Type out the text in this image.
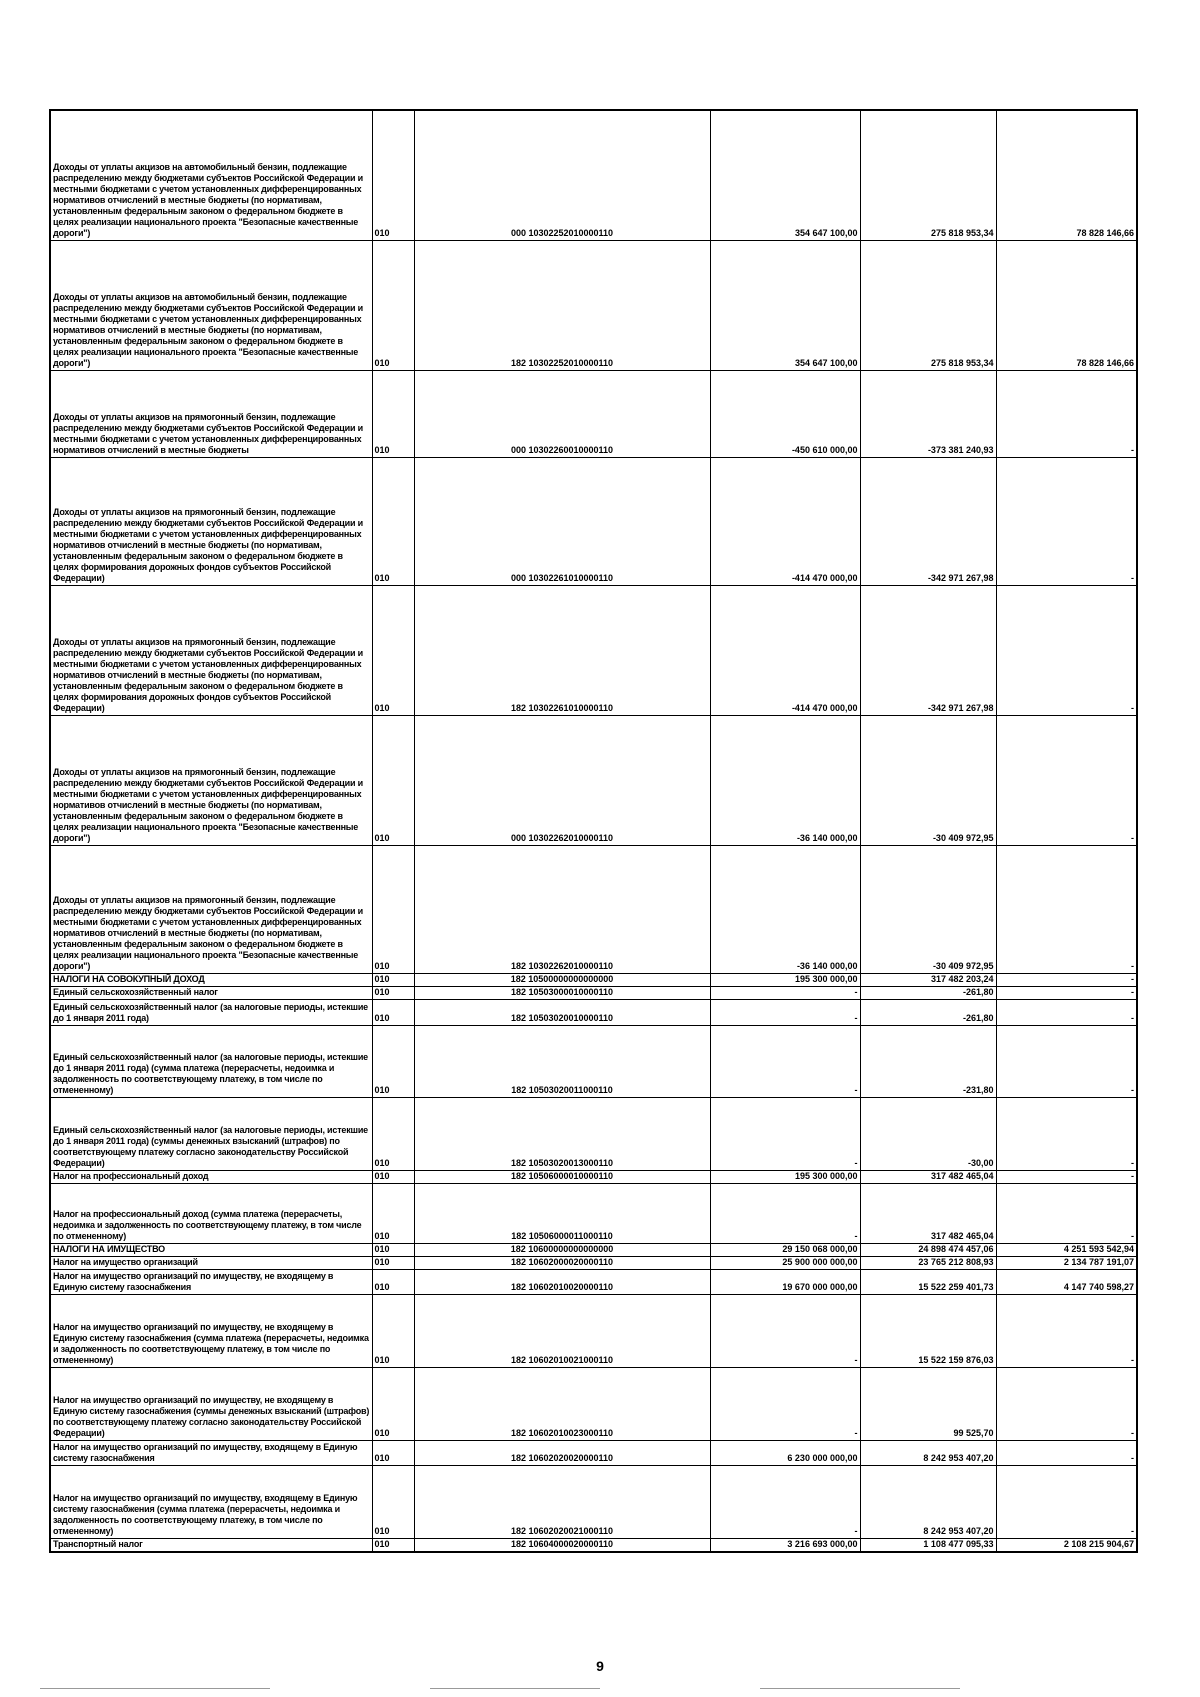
Доходы от уплаты акцизов на автомобильный бензин, подлежащие распределению между бюджетами субъектов Российской Федерации и местными бюджетами с учетом установленных дифференцированных нормативов отчислений в местные бюджеты (по нормативам, установленным федеральным законом о федеральном бюджете в целях реализации национального проекта "Безопасные качественные дороги")	010	000 10302252010000110	354 647 100,00	275 818 953,34	78 828 146,66
Доходы от уплаты акцизов на автомобильный бензин, подлежащие распределению между бюджетами субъектов Российской Федерации и местными бюджетами с учетом установленных дифференцированных нормативов отчислений в местные бюджеты (по нормативам, установленным федеральным законом о федеральном бюджете в целях реализации национального проекта "Безопасные качественные дороги")	010	182 10302252010000110	354 647 100,00	275 818 953,34	78 828 146,66
Доходы от уплаты акцизов на прямогонный бензин, подлежащие распределению между бюджетами субъектов Российской Федерации и местными бюджетами с учетом установленных дифференцированных нормативов отчислений в местные бюджеты	010	000 10302260010000110	-450 610 000,00	-373 381 240,93	-
Доходы от уплаты акцизов на прямогонный бензин, подлежащие распределению между бюджетами субъектов Российской Федерации и местными бюджетами с учетом установленных дифференцированных нормативов отчислений в местные бюджеты (по нормативам, установленным федеральным законом о федеральном бюджете в целях формирования дорожных фондов субъектов Российской Федерации)	010	000 10302261010000110	-414 470 000,00	-342 971 267,98	-
Доходы от уплаты акцизов на прямогонный бензин, подлежащие распределению между бюджетами субъектов Российской Федерации и местными бюджетами с учетом установленных дифференцированных нормативов отчислений в местные бюджеты (по нормативам, установленным федеральным законом о федеральном бюджете в целях формирования дорожных фондов субъектов Российской Федерации)	010	182 10302261010000110	-414 470 000,00	-342 971 267,98	-
Доходы от уплаты акцизов на прямогонный бензин, подлежащие распределению между бюджетами субъектов Российской Федерации и местными бюджетами с учетом установленных дифференцированных нормативов отчислений в местные бюджеты (по нормативам, установленным федеральным законом о федеральном бюджете в целях реализации национального проекта "Безопасные качественные дороги")	010	000 10302262010000110	-36 140 000,00	-30 409 972,95	-
Доходы от уплаты акцизов на прямогонный бензин, подлежащие распределению между бюджетами субъектов Российской Федерации и местными бюджетами с учетом установленных дифференцированных нормативов отчислений в местные бюджеты (по нормативам, установленным федеральным законом о федеральном бюджете в целях реализации национального проекта "Безопасные качественные дороги")	010	182 10302262010000110	-36 140 000,00	-30 409 972,95	-
НАЛОГИ НА СОВОКУПНЫЙ ДОХОД	010	182 10500000000000000	195 300 000,00	317 482 203,24	-
Единый сельскохозяйственный налог	010	182 10503000010000110	-	-261,80	-
Единый сельскохозяйственный налог (за налоговые периоды, истекшие до 1 января 2011 года)	010	182 10503020010000110	-	-261,80	-
Единый сельскохозяйственный налог (за налоговые периоды, истекшие до 1 января 2011 года) (сумма платежа (перерасчеты, недоимка и задолженность по соответствующему платежу, в том числе по отмененному)	010	182 10503020011000110	-	-231,80	-
Единый сельскохозяйственный налог (за налоговые периоды, истекшие до 1 января 2011 года) (суммы денежных взысканий (штрафов) по соответствующему платежу согласно законодательству Российской Федерации)	010	182 10503020013000110	-	-30,00	-
Налог на профессиональный доход	010	182 10506000010000110	195 300 000,00	317 482 465,04	-
Налог на профессиональный доход (сумма платежа (перерасчеты, недоимка и задолженность по соответствующему платежу, в том числе по отмененному)	010	182 10506000011000110	-	317 482 465,04	-
НАЛОГИ НА ИМУЩЕСТВО	010	182 10600000000000000	29 150 068 000,00	24 898 474 457,06	4 251 593 542,94
Налог на имущество организаций	010	182 10602000020000110	25 900 000 000,00	23 765 212 808,93	2 134 787 191,07
Налог на имущество организаций по имуществу, не входящему в Единую систему газоснабжения	010	182 10602010020000110	19 670 000 000,00	15 522 259 401,73	4 147 740 598,27
Налог на имущество организаций по имуществу, не входящему в Единую систему газоснабжения (сумма платежа (перерасчеты, недоимка и задолженность по соответствующему платежу, в том числе по отмененному)	010	182 10602010021000110	-	15 522 159 876,03	-
Налог на имущество организаций по имуществу, не входящему в Единую систему газоснабжения (суммы денежных взысканий (штрафов) по соответствующему платежу согласно законодательству Российской Федерации)	010	182 10602010023000110	-	99 525,70	-
Налог на имущество организаций по имуществу, входящему в Единую систему газоснабжения	010	182 10602020020000110	6 230 000 000,00	8 242 953 407,20	-
Налог на имущество организаций по имуществу, входящему в Единую систему газоснабжения (сумма платежа (перерасчеты, недоимка и задолженность по соответствующему платежу, в том числе по отмененному)	010	182 10602020021000110	-	8 242 953 407,20	-
Транспортный налог	010	182 10604000020000110	3 216 693 000,00	1 108 477 095,33	2 108 215 904,67
9
